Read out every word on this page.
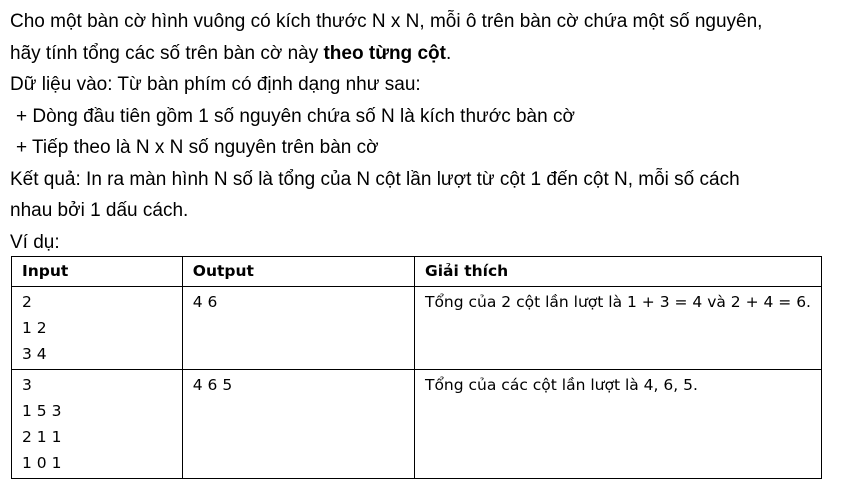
Cho một bàn cờ hình vuông có kích thước N x N, mỗi ô trên bàn cờ chứa một số nguyên,
hãy tính tổng các số trên bàn cờ này theo từng cột.
Dữ liệu vào: Từ bàn phím có định dạng như sau:
+ Dòng đầu tiên gồm 1 số nguyên chứa số N là kích thước bàn cờ
+ Tiếp theo là N x N số nguyên trên bàn cờ
Kết quả: In ra màn hình N số là tổng của N cột lần lượt từ cột 1 đến cột N, mỗi số cách
nhau bởi 1 dấu cách.
Ví dụ:
Input	Output	Giải thích

2
1 2
3 4	4 6	Tổng của 2 cột lần lượt là 1 + 3 = 4 và 2 + 4 = 6.

3
1 5 3
2 1 1
1 0 1	4 6 5	Tổng của các cột lần lượt là 4, 6, 5.
